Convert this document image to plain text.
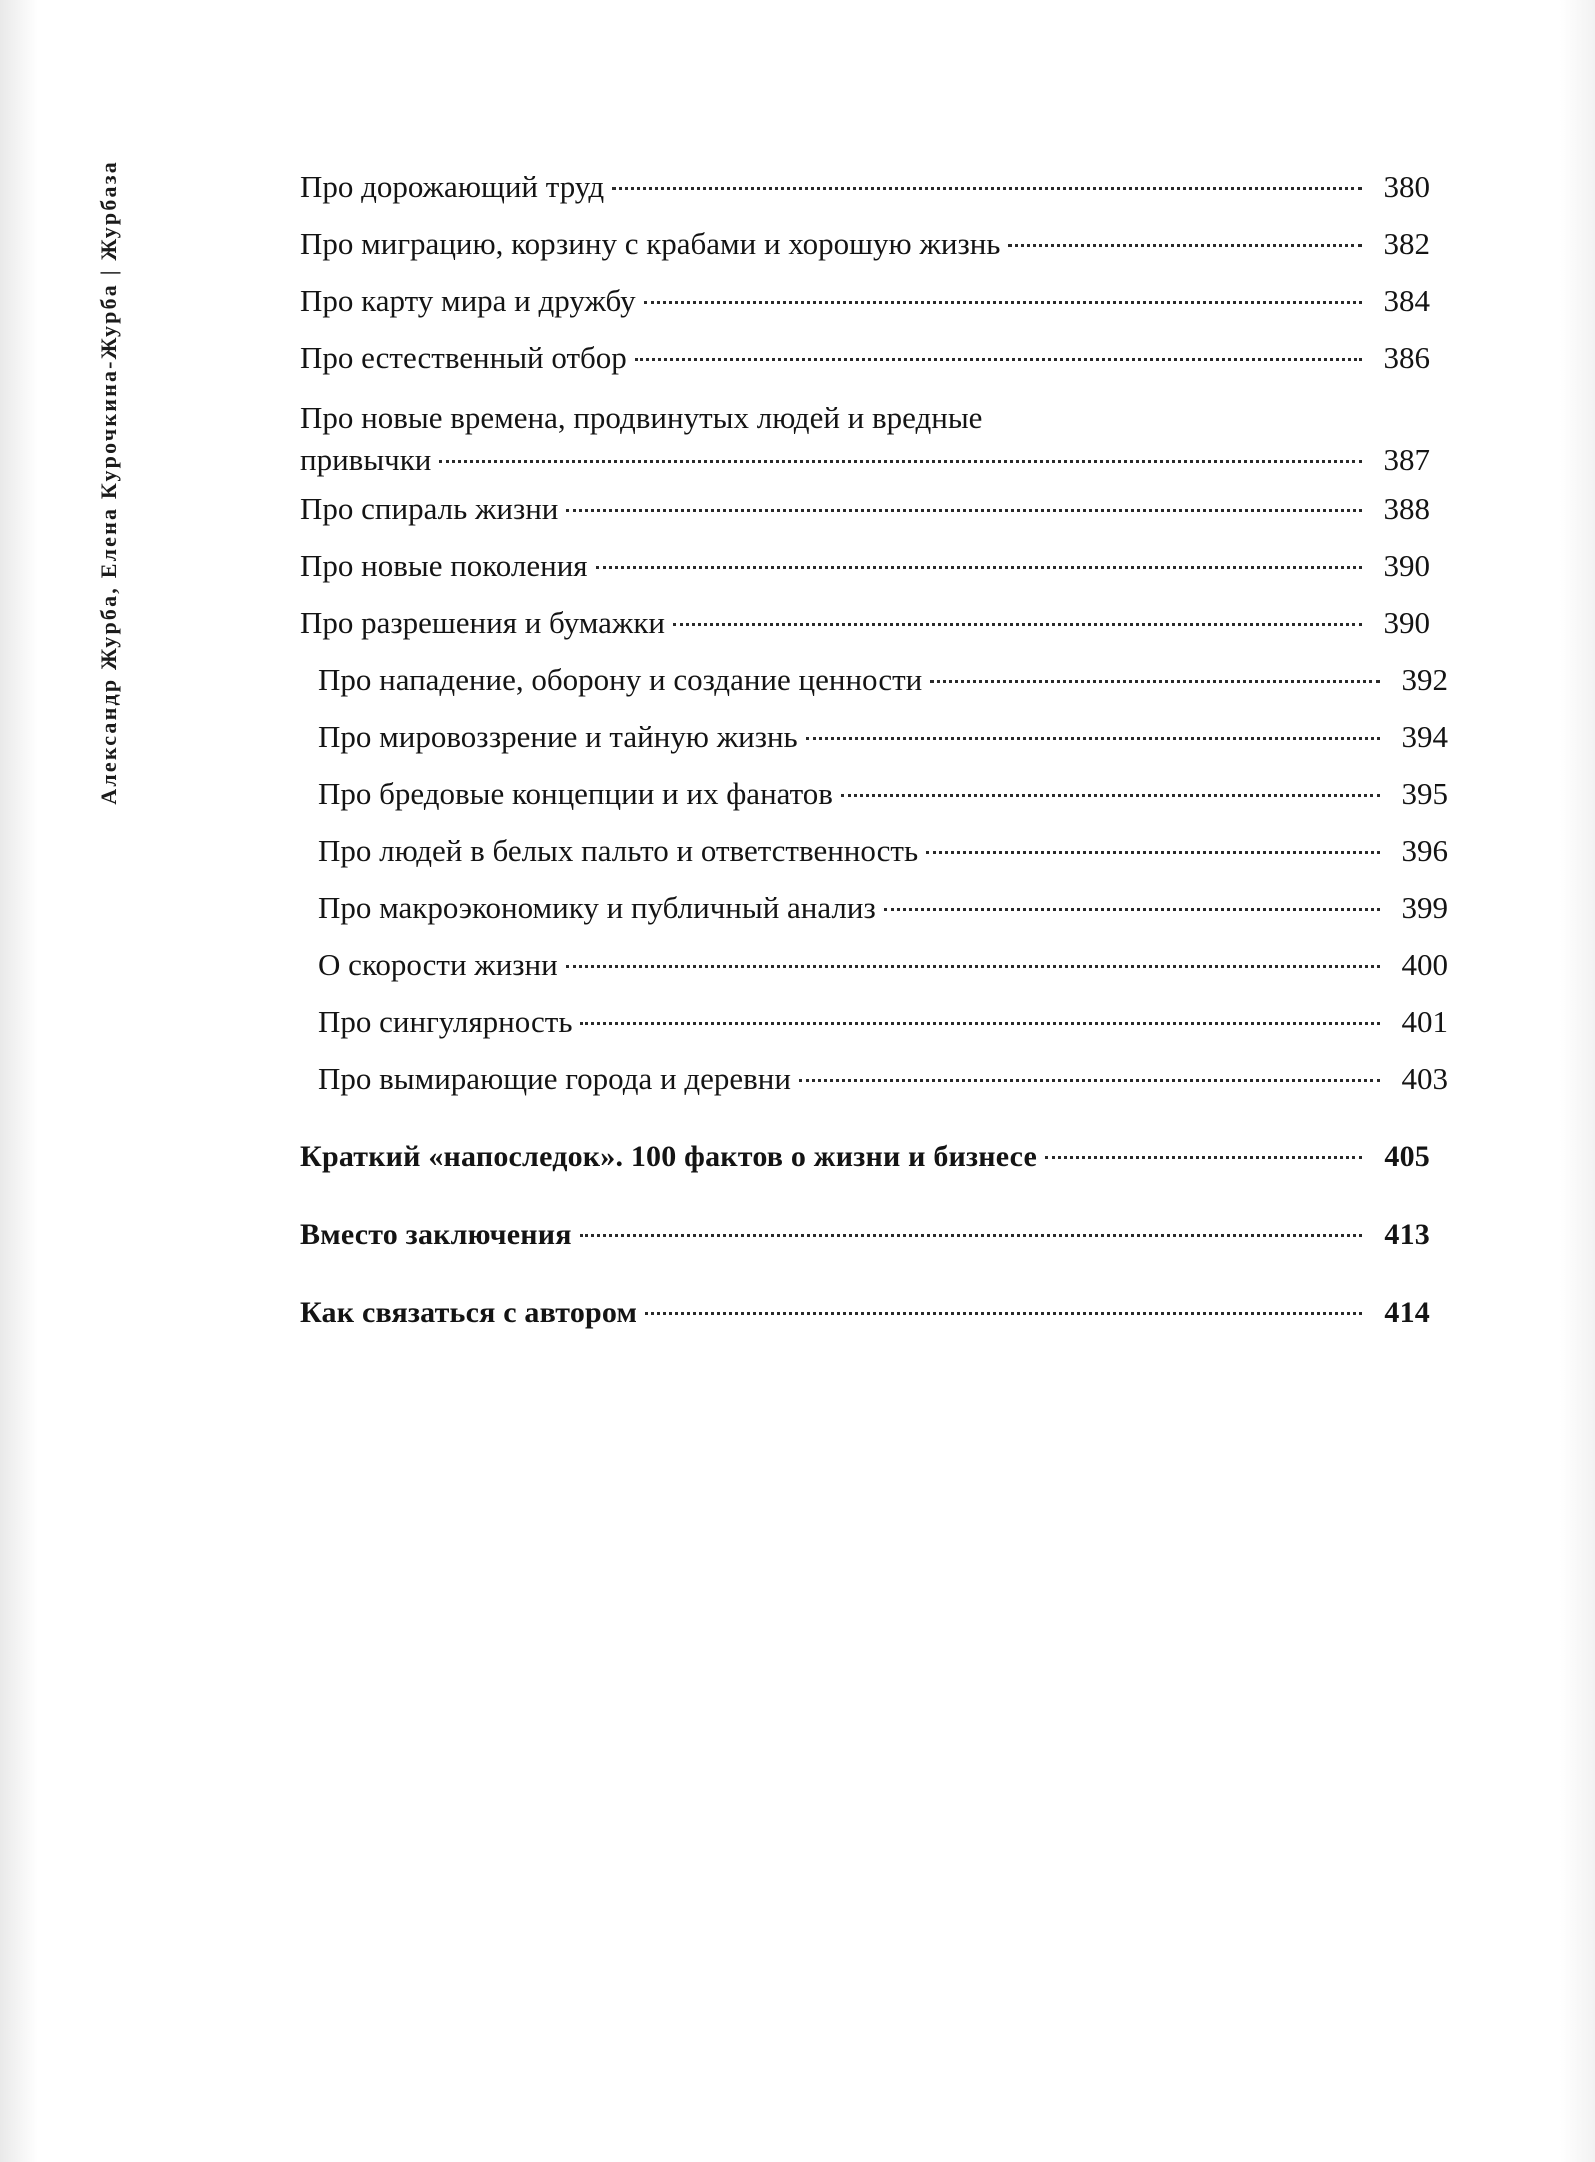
Александр Журба, Елена Курочкина-Журба | Журбаза	Про дорожающий труд	380
Про миграцию, корзину с крабами и хорошую жизнь	382
Про карту мира и дружбу	384
Про естественный отбор	386
Про новые времена, продвинутых людей и вредные
привычки	387
Про спираль жизни	388
Про новые поколения	390
Про разрешения и бумажки	390
Про нападение, оборону и создание ценности	392
Про мировоззрение и тайную жизнь	394
Про бредовые концепции и их фанатов	395
Про людей в белых пальто и ответственность	396
Про макроэкономику и публичный анализ	399
О скорости жизни	400
Про сингулярность	401
Про вымирающие города и деревни	403
Краткий «напоследок». 100 фактов о жизни и бизнесе	405
Вместо заключения	413
Как связаться с автором	414
